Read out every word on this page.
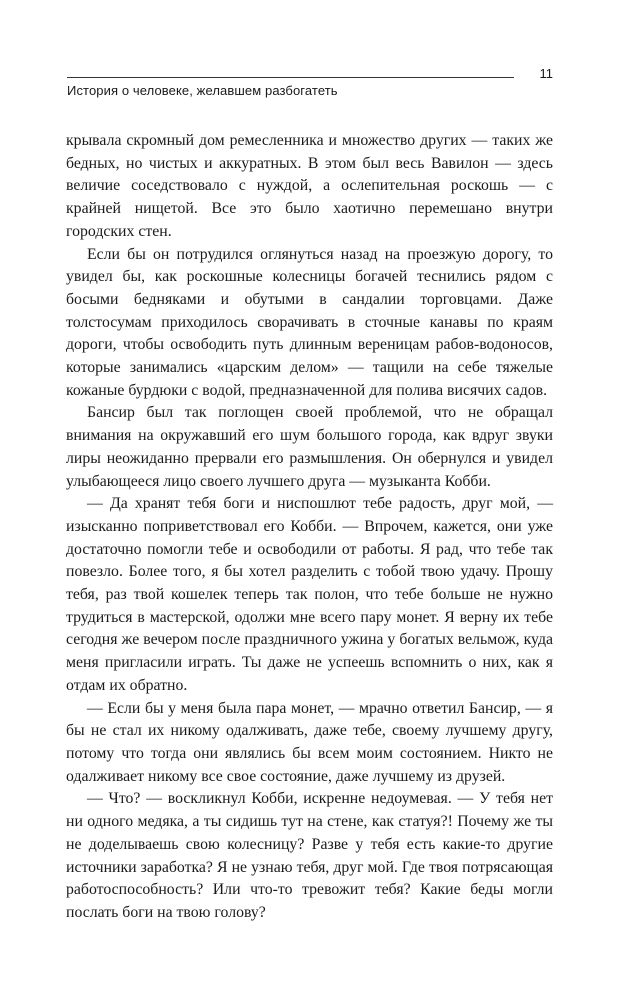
11
История о человеке, желавшем разбогатеть

крывала скромный дом ремесленника и множество других — таких же бедных, но чистых и аккуратных. В этом был весь Вавилон — здесь величие соседствовало с нуждой, а ослепительная роскошь — с крайней нищетой. Все это было хаотично перемешано внутри городских стен.

Если бы он потрудился оглянуться назад на проезжую дорогу, то увидел бы, как роскошные колесницы богачей теснились рядом с босыми бедняками и обутыми в сандалии торговцами. Даже толстосумам приходилось сворачивать в сточные канавы по краям дороги, чтобы освободить путь длинным вереницам рабов-водоносов, которые занимались «царским делом» — тащили на себе тяжелые кожаные бурдюки с водой, предназначенной для полива висячих садов.

Бансир был так поглощен своей проблемой, что не обращал внимания на окружавший его шум большого города, как вдруг звуки лиры неожиданно прервали его размышления. Он обернулся и увидел улыбающееся лицо своего лучшего друга — музыканта Кобби.

— Да хранят тебя боги и ниспошлют тебе радость, друг мой, — изысканно поприветствовал его Кобби. — Впрочем, кажется, они уже достаточно помогли тебе и освободили от работы. Я рад, что тебе так повезло. Более того, я бы хотел разделить с тобой твою удачу. Прошу тебя, раз твой кошелек теперь так полон, что тебе больше не нужно трудиться в мастерской, одолжи мне всего пару монет. Я верну их тебе сегодня же вечером после праздничного ужина у богатых вельмож, куда меня пригласили играть. Ты даже не успеешь вспомнить о них, как я отдам их обратно.

— Если бы у меня была пара монет, — мрачно ответил Бансир, — я бы не стал их никому одалживать, даже тебе, своему лучшему другу, потому что тогда они являлись бы всем моим состоянием. Никто не одалживает никому все свое состояние, даже лучшему из друзей.

— Что? — воскликнул Кобби, искренне недоумевая. — У тебя нет ни одного медяка, а ты сидишь тут на стене, как статуя?! Почему же ты не доделываешь свою колесницу? Разве у тебя есть какие-то другие источники заработка? Я не узнаю тебя, друг мой. Где твоя потрясающая работоспособность? Или что-то тревожит тебя? Какие беды могли послать боги на твою голову?
